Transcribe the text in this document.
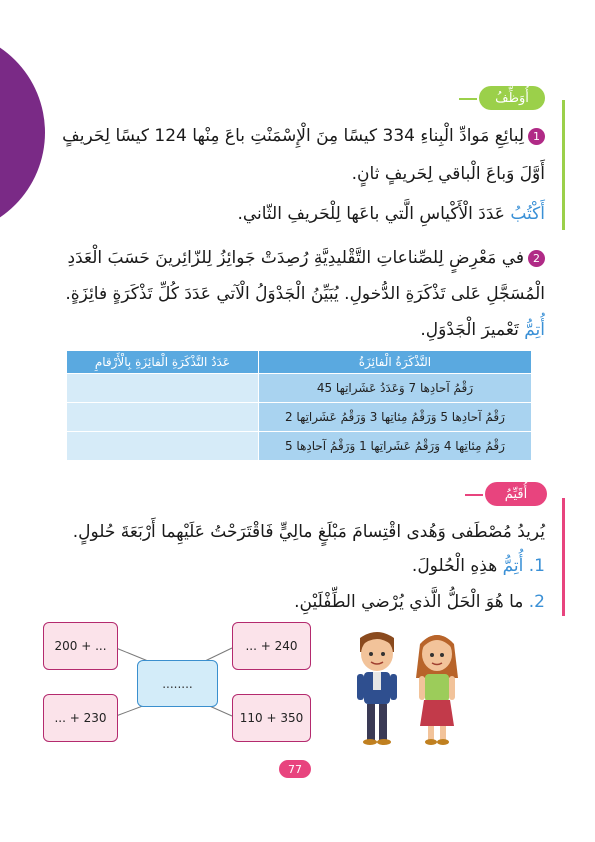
أُوَظِّفُ
1لِبائِعِ مَوادِّ الْبِناءِ 334 كيسًا مِنَ الْإِسْمَنْتِ باعَ مِنْها 124 كيسًا لِحَريفٍ
أَوَّلَ وَباعَ الْباقي لِحَريفٍ ثانٍ.
أَكْتُبُ عَدَدَ الْأَكْياسِ الَّتي باعَها لِلْحَريفِ الثّاني.
2في مَعْرِضٍ لِلصِّناعاتِ التَّقْليدِيَّةِ رُصِدَتْ جَوائِزُ لِلزّائِرينَ حَسَبَ الْعَدَدِ
الْمُسَجَّلِ عَلى تَذْكَرَةِ الدُّخولِ. يُبَيِّنُ الْجَدْوَلُ الْآتي عَدَدَ كُلِّ تَذْكَرَةٍ فائِزَةٍ.
أُتِمُّ تَعْميرَ الْجَدْوَلِ.
التَّذْكَرَةُ الْفائِزَةُ	عَدَدُ التَّذْكَرَةِ الْفائِزَةِ بِالْأَرْقامِ
رَقْمُ آحادِها 7 وَعَدَدُ عَشَراتِها 45	
رَقْمُ آحادِها 5 وَرَقْمُ مِئاتِها 3 وَرَقْمُ عَشَراتِها 2	
رَقْمُ مِئاتِها 4 وَرَقْمُ عَشَراتِها 1 وَرَقْمُ آحادِها 5	
أُقَيِّمُ
يُريدُ مُصْطَفى وَهُدى اقْتِسامَ مَبْلَغٍ مالِيٍّ فَاقْتَرَحْتُ عَلَيْهِما أَرْبَعَةَ حُلولٍ.
1. أُتِمُّ هذِهِ الْحُلولَ.
2. ما هُوَ الْحَلُّ الَّذي يُرْضي الطِّفْلَيْنِ.
200 + ...	... + 240
........
... + 230	110 + 350
77
